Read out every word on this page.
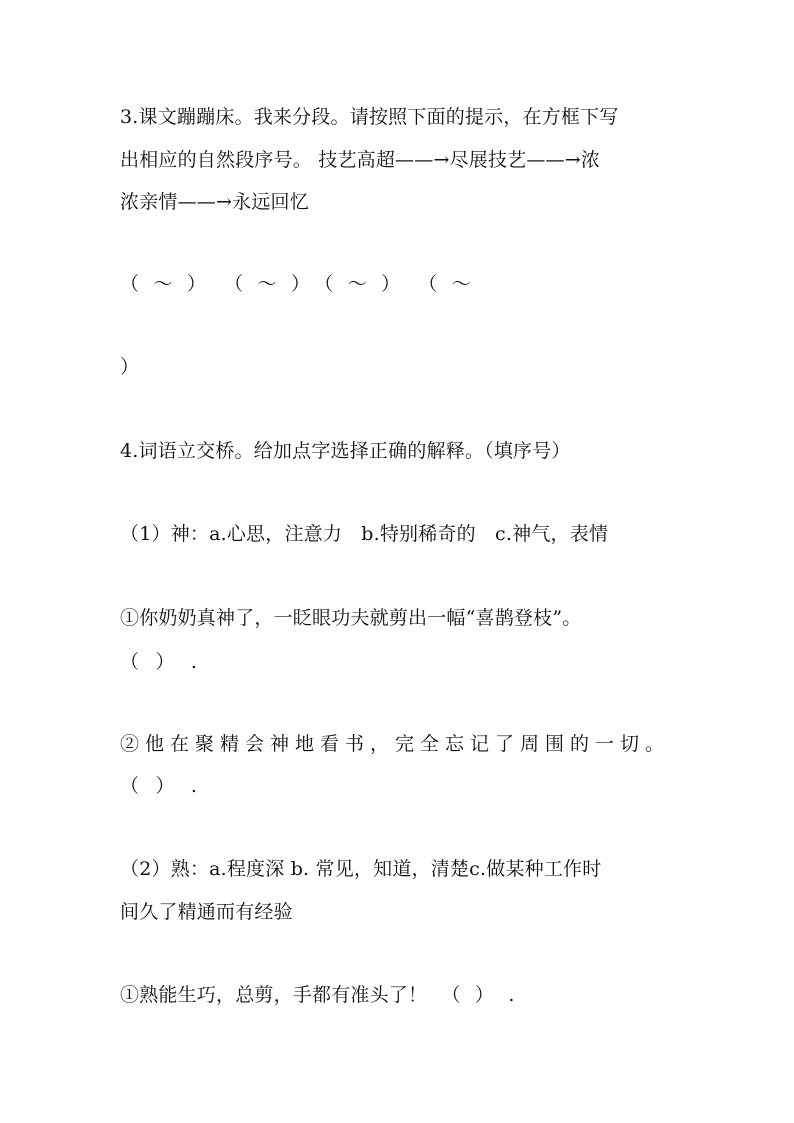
3.课文蹦蹦床。我来分段。请按照下面的提示，在方框下写
出相应的自然段序号。 技艺高超——→尽展技艺——→浓
浓亲情——→永远回忆
（ ～ ） （ ～ ） （ ～ ） （ ～
）
4.词语立交桥。给加点字选择正确的解释。（填序号）
（1）神：a.心思，注意力　b.特别稀奇的　c.神气，表情
①你奶奶真神了，一眨眼功夫就剪出一幅“喜鹊登枝”。
（ ） .
②他在聚精会神地看书，完全忘记了周围的一切。
（ ） .
（2）熟：a.程度深 b. 常见，知道，清楚c.做某种工作时
间久了精通而有经验
①熟能生巧，总剪，手都有准头了！ （ ） .
